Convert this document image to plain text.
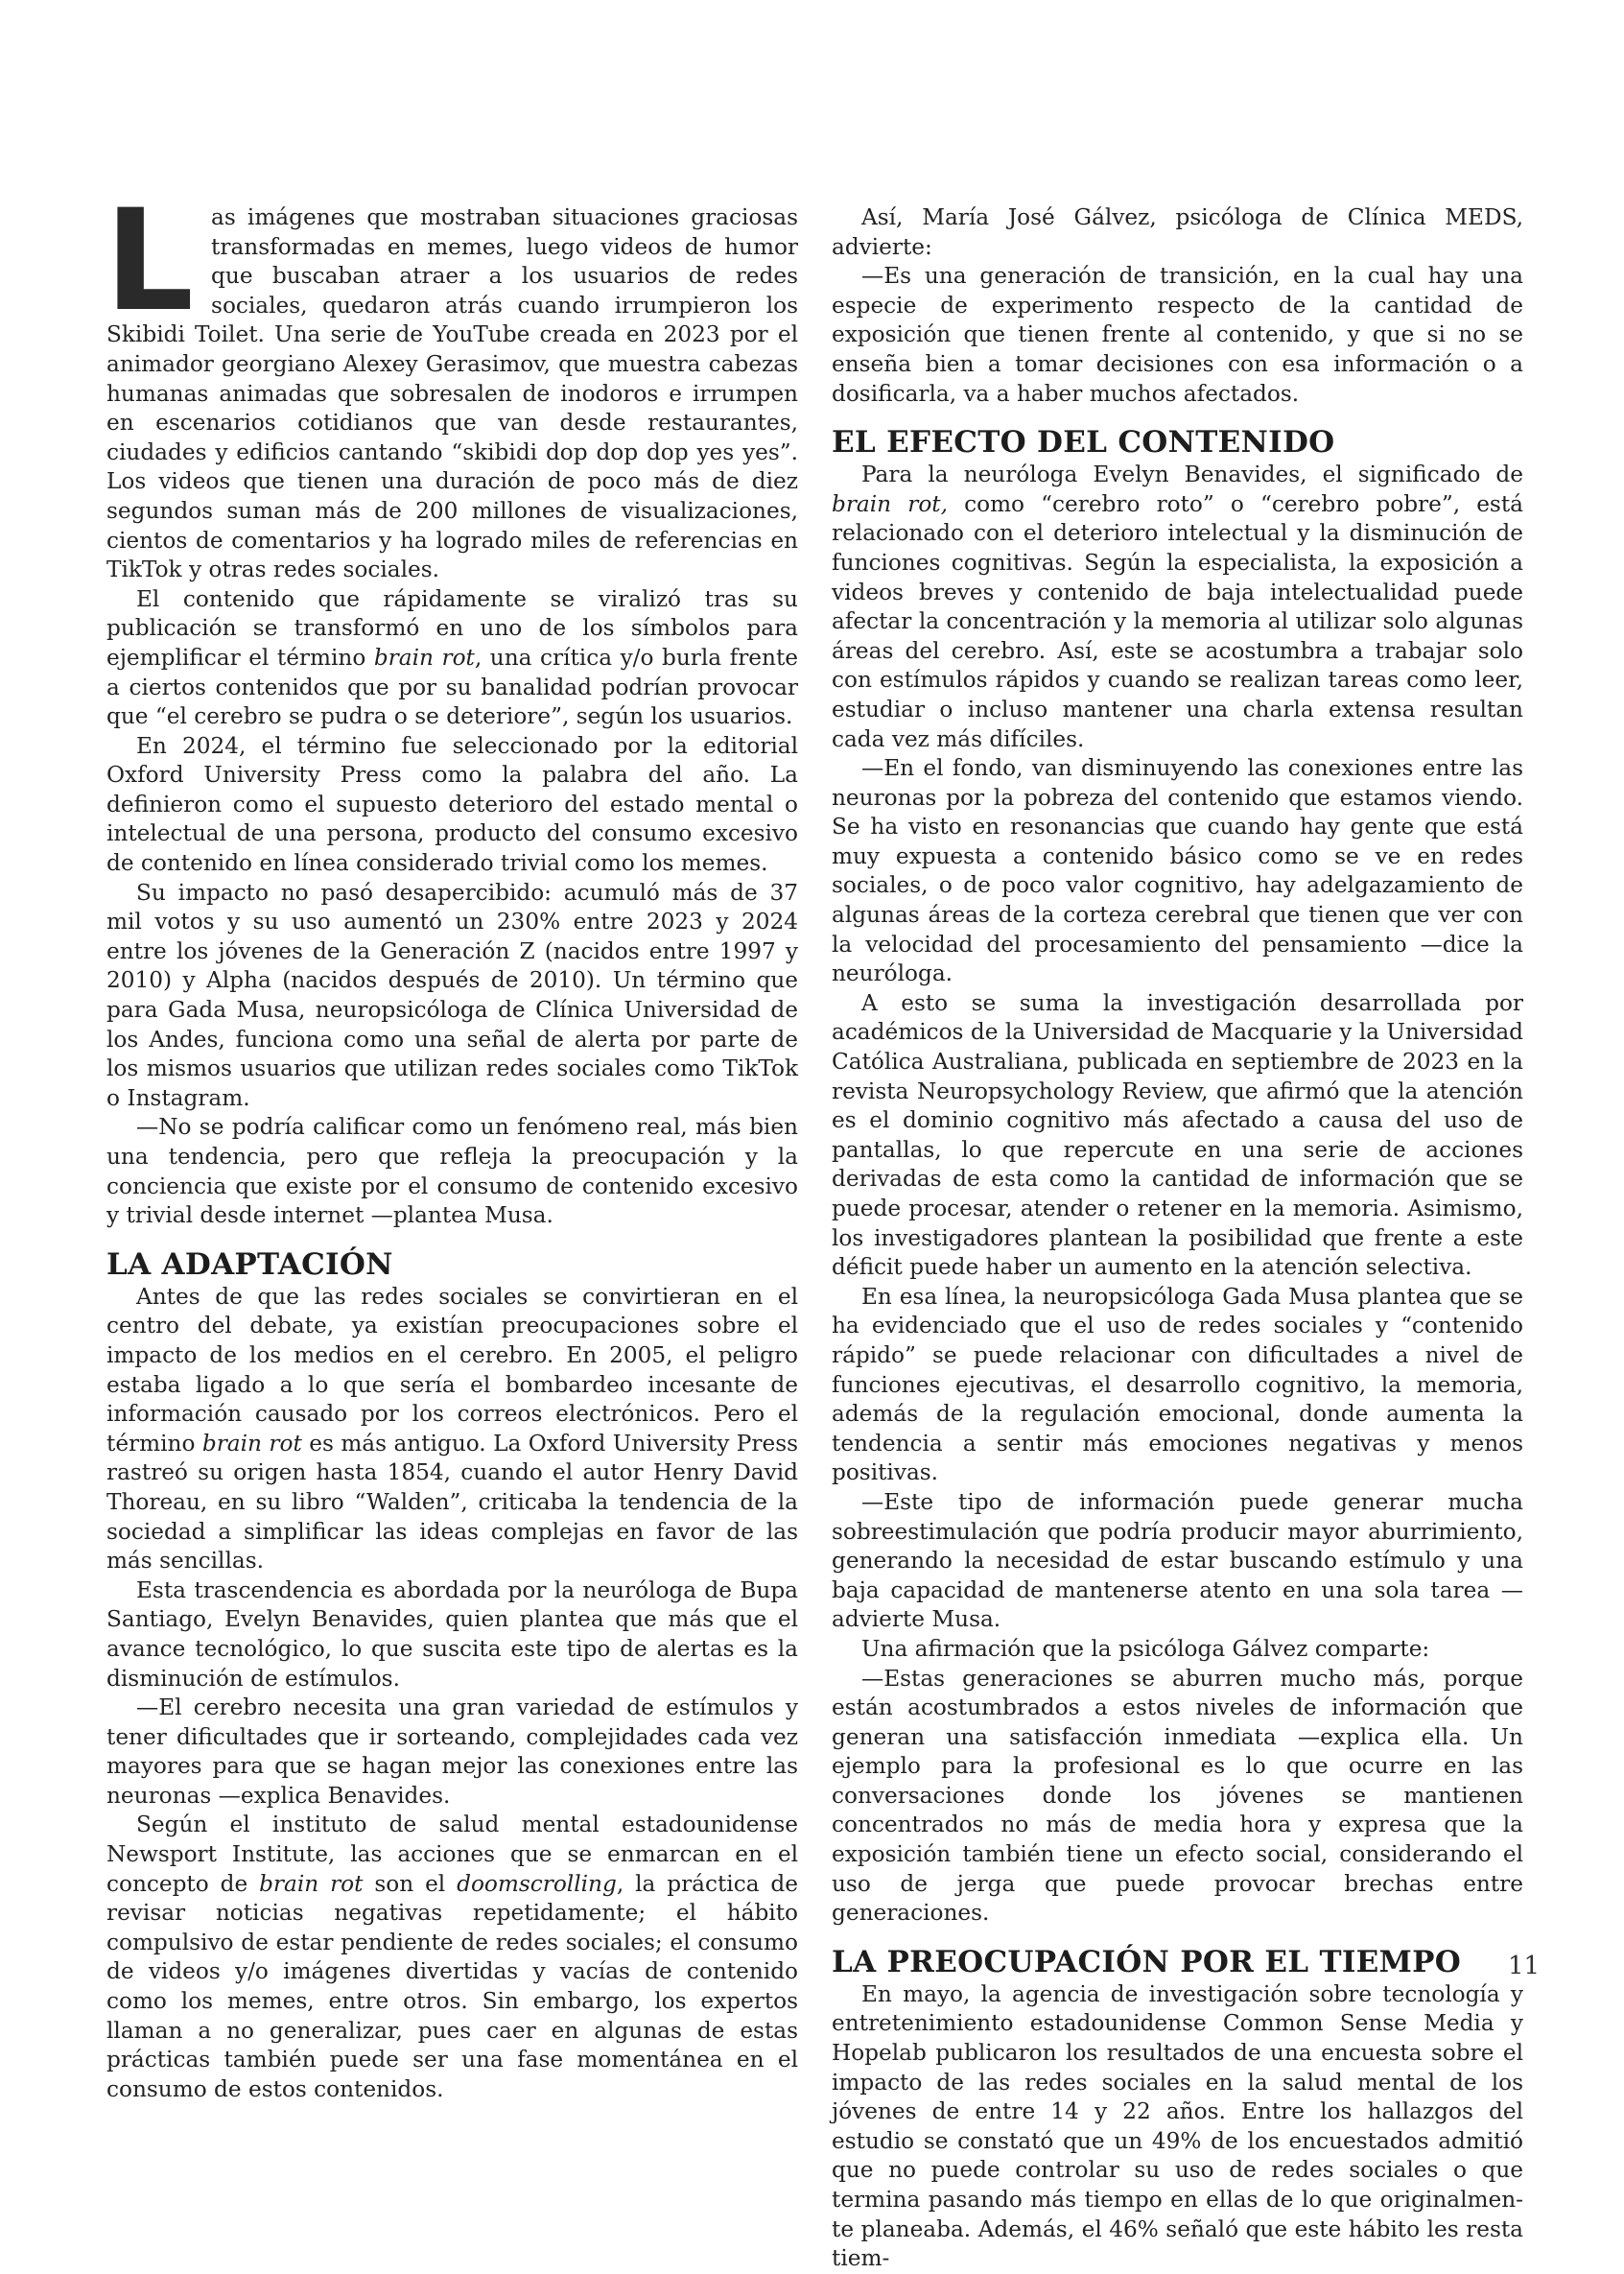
Las imágenes que mostraban situaciones graciosas transformadas en memes, luego videos de humor que buscaban atraer a los usuarios de redes sociales, quedaron atrás cuando irrumpieron los Skibidi Toilet. Una serie de YouTube creada en 2023 por el animador georgiano Alexey Gerasimov, que muestra cabezas humanas animadas que sobresalen de inodoros e irrumpen en escenarios cotidianos que van desde restaurantes, ciudades y edificios cantando “skibidi dop dop dop yes yes”. Los videos que tienen una duración de poco más de diez segundos suman más de 200 millones de visualizaciones, cientos de comentarios y ha logrado miles de referencias en TikTok y otras redes sociales.

El contenido que rápidamente se viralizó tras su publicación se transformó en uno de los símbolos para ejemplificar el término brain rot, una crítica y/o burla frente a ciertos contenidos que por su banalidad podrían provocar que “el cerebro se pudra o se deteriore”, según los usuarios.

En 2024, el término fue seleccionado por la editorial Oxford University Press como la palabra del año. La definieron como el supuesto deterioro del estado mental o intelectual de una persona, producto del consumo excesivo de contenido en línea considerado trivial como los memes.

Su impacto no pasó desapercibido: acumuló más de 37 mil votos y su uso aumentó un 230% entre 2023 y 2024 entre los jóvenes de la Generación Z (nacidos entre 1997 y 2010) y Alpha (nacidos después de 2010). Un término que para Gada Musa, neuropsicóloga de Clínica Universidad de los Andes, funciona como una señal de alerta por parte de los mismos usuarios que utilizan redes sociales como TikTok o Instagram.

—No se podría calificar como un fenómeno real, más bien una tendencia, pero que refleja la preocupación y la conciencia que existe por el consumo de contenido excesivo y trivial desde internet —plantea Musa.

LA ADAPTACIÓN

Antes de que las redes sociales se convirtieran en el centro del debate, ya existían preocupaciones sobre el impacto de los medios en el cerebro. En 2005, el peligro estaba ligado a lo que sería el bombardeo incesante de información causado por los correos electrónicos. Pero el término brain rot es más antiguo. La Oxford University Press rastreó su origen hasta 1854, cuando el autor Henry David Thoreau, en su libro “Walden”, criticaba la tendencia de la sociedad a simplificar las ideas complejas en favor de las más sencillas.

Esta trascendencia es abordada por la neuróloga de Bupa Santiago, Evelyn Benavides, quien plantea que más que el avance tecnológico, lo que suscita este tipo de alertas es la disminución de estímulos.

—El cerebro necesita una gran variedad de estímulos y tener dificultades que ir sorteando, complejidades cada vez mayores para que se hagan mejor las conexiones entre las neuronas —explica Benavides.

Según el instituto de salud mental estadounidense Newsport Institute, las acciones que se enmarcan en el concepto de brain rot son el doomscrolling, la práctica de revisar noticias negativas repetidamente; el hábito compulsivo de estar pendiente de redes sociales; el consumo de videos y/o imágenes divertidas y vacías de contenido como los memes, entre otros. Sin embargo, los expertos llaman a no generalizar, pues caer en algunas de estas prácticas también puede ser una fase momentánea en el consumo de estos contenidos.

Así, María José Gálvez, psicóloga de Clínica MEDS, advierte:

—Es una generación de transición, en la cual hay una especie de experimento respecto de la cantidad de exposición que tienen frente al contenido, y que si no se enseña bien a tomar decisiones con esa información o a dosificarla, va a haber muchos afectados.

EL EFECTO DEL CONTENIDO

Para la neuróloga Evelyn Benavides, el significado de brain rot, como “cerebro roto” o “cerebro pobre”, está relacionado con el deterioro intelectual y la disminución de funciones cognitivas. Según la especialista, la exposición a videos breves y contenido de baja intelectualidad puede afectar la concentración y la memoria al utilizar solo algunas áreas del cerebro. Así, este se acostumbra a trabajar solo con estímulos rápidos y cuando se realizan tareas como leer, estudiar o incluso mantener una charla extensa resultan cada vez más difíciles.

—En el fondo, van disminuyendo las conexiones entre las neuronas por la pobreza del contenido que estamos viendo. Se ha visto en resonancias que cuando hay gente que está muy expuesta a contenido básico como se ve en redes sociales, o de poco valor cognitivo, hay adelgazamiento de algunas áreas de la corteza cerebral que tienen que ver con la velocidad del procesamiento del pensamiento —dice la neuróloga.

A esto se suma la investigación desarrollada por académicos de la Universidad de Macquarie y la Universidad Católica Australiana, publicada en septiembre de 2023 en la revista Neuropsychology Review, que afirmó que la atención es el dominio cognitivo más afectado a causa del uso de pantallas, lo que repercute en una serie de acciones derivadas de esta como la cantidad de información que se puede procesar, atender o retener en la memoria. Asimismo, los investigadores plantean la posibilidad que frente a este déficit puede haber un aumento en la atención selectiva.

En esa línea, la neuropsicóloga Gada Musa plantea que se ha evidenciado que el uso de redes sociales y “contenido rápido” se puede relacionar con dificultades a nivel de funciones ejecutivas, el desarrollo cognitivo, la memoria, además de la regulación emocional, donde aumenta la tendencia a sentir más emociones negativas y menos positivas.

—Este tipo de información puede generar mucha sobreestimulación que podría producir mayor aburrimiento, generando la necesidad de estar buscando estímulo y una baja capacidad de mantenerse atento en una sola tarea —advierte Musa.

Una afirmación que la psicóloga Gálvez comparte:

—Estas generaciones se aburren mucho más, porque están acostumbrados a estos niveles de información que generan una satisfacción inmediata —explica ella. Un ejemplo para la profesional es lo que ocurre en las conversaciones donde los jóvenes se mantienen concentrados no más de media hora y expresa que la exposición también tiene un efecto social, considerando el uso de jerga que puede provocar brechas entre generaciones.

LA PREOCUPACIÓN POR EL TIEMPO

En mayo, la agencia de investigación sobre tecnología y entretenimiento estadounidense Common Sense Media y Hopelab publicaron los resultados de una encuesta sobre el impacto de las redes sociales en la salud mental de los jóvenes de entre 14 y 22 años. Entre los hallazgos del estudio se constató que un 49% de los encuestados admitió que no puede controlar su uso de redes sociales o que termina pasando más tiempo en ellas de lo que originalmente planeaba. Además, el 46% señaló que este hábito les resta tiem-

11
